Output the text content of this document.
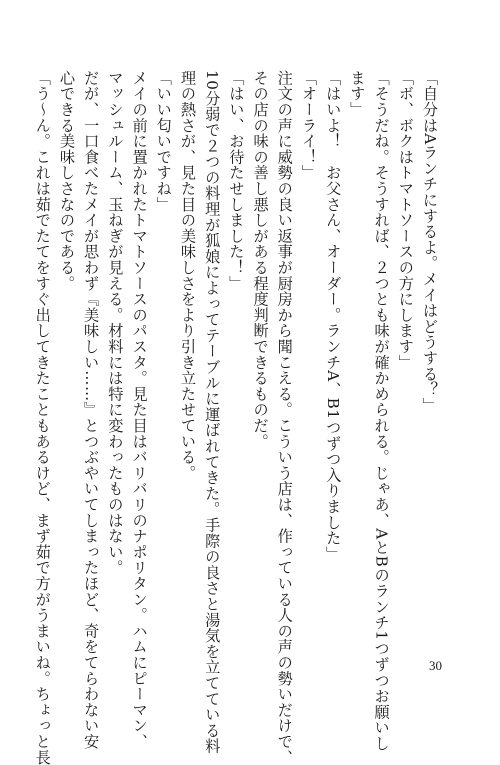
「自分はAランチにするよ。メイはどうする？」
「ボ、ボクはトマトソースの方にします」
「そうだね。そうすれば、２つとも味が確かめられる。じゃあ、AとBのランチ1つずつお願いし
ます」
「はいよ！　お父さん、オーダー。ランチA、B1つずつ入りました」
「オーライ！」
注文の声に威勢の良い返事が厨房から聞こえる。こういう店は、作っている人の声の勢いだけで、
その店の味の善し悪しがある程度判断できるものだ。
「はい、お待たせしました！」
10分弱で２つの料理が狐娘によってテーブルに運ばれてきた。手際の良さと湯気を立てている料
理の熱さが、見た目の美味しさをより引き立たせている。
「いい匂いですね」
メイの前に置かれたトマトソースのパスタ。見た目はバリバリのナポリタン。ハムにピーマン、
マッシュルーム、玉ねぎが見える。材料には特に変わったものはない。
だが、一口食べたメイが思わず『美味しい……』とつぶやいてしまったほど、奇をてらわない安
心できる美味しさなのである。
「う～ん。これは茹でたてをすぐ出してきたこともあるけど、まず茹で方がうまいね。ちょっと長	30
